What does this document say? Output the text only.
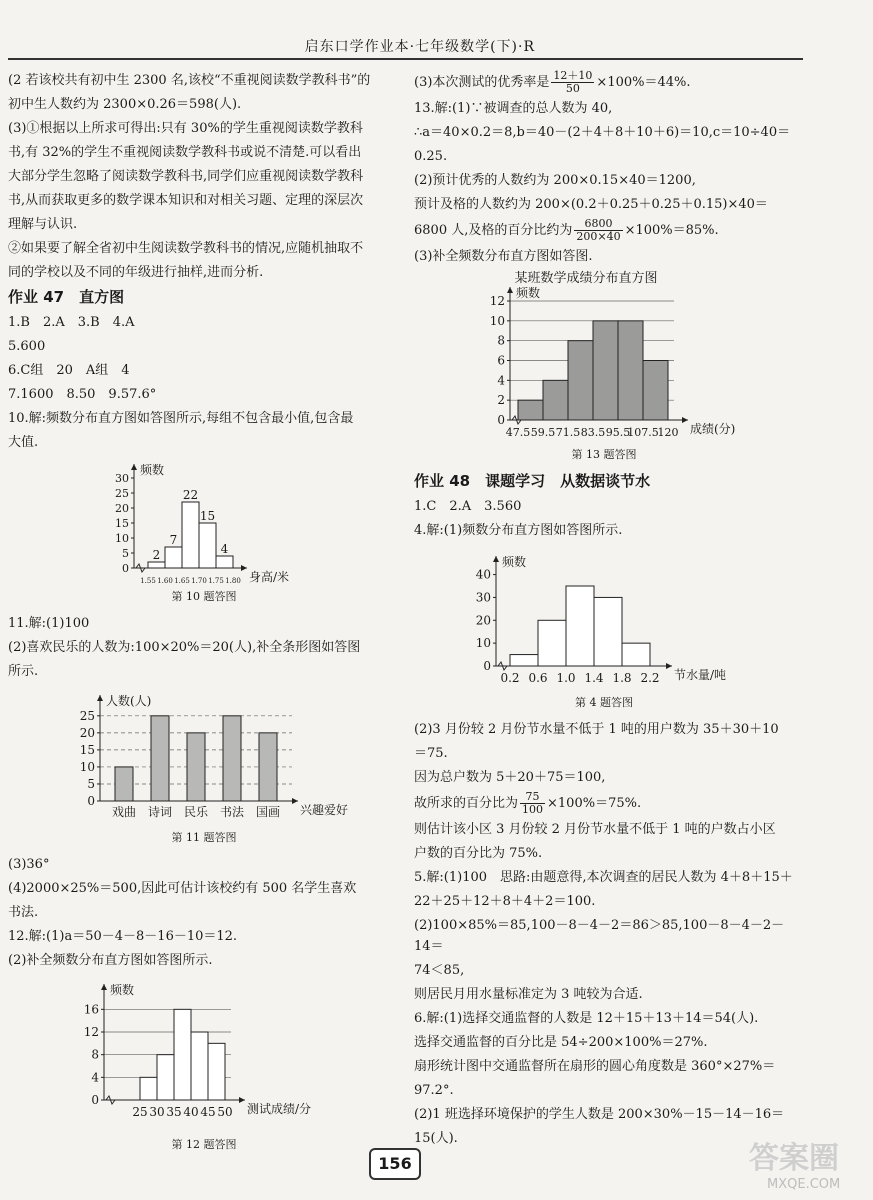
启东口学作业本·七年级数学(下)·R

(2 若该校共有初中生 2300 名,该校“不重视阅读数学教科书”的

初中生人数约为 2300×0.26＝598(人).

(3)①根据以上所求可得出:只有 30%的学生重视阅读数学教科

书,有 32%的学生不重视阅读数学教科书或说不清楚.可以看出

大部分学生忽略了阅读数学教科书,同学们应重视阅读数学教科

书,从而获取更多的数学课本知识和对相关习题、定理的深层次

理解与认识.

②如果要了解全省初中生阅读数学教科书的情况,应随机抽取不

同的学校以及不同的年级进行抽样,进而分析.

作业 47　直方图

1.B　2.A　3.B　4.A

5.600

6.C组　20　A组　4

7.1600　8.50　9.57.6°

10.解:频数分布直方图如答图所示,每组不包含最小值,包含最

大值.

2
7
22
15
4
0
5
10
15
20
25
30
1.55 1.60 1.65 1.70 1.75 1.80
频数
身高/米

第 10 题答图

11.解:(1)100

(2)喜欢民乐的人数为:100×20%＝20(人),补全条形图如答图

所示.

0
5
10
15
20
25
戏曲 诗词 民乐 书法 国画
人数(人)
兴趣爱好

第 11 题答图

(3)36°

(4)2000×25%＝500,因此可估计该校约有 500 名学生喜欢

书法.

12.解:(1)a＝50－4－8－16－10＝12.

(2)补全频数分布直方图如答图所示.

0
4
8
12
16
25 30 35 40 45 50
频数
测试成绩/分

第 12 题答图

(3)本次测试的优秀率是 $\frac{12+10}{50} \times 100\%=44\%$.

13.解:(1)∵被调查的总人数为 40,

∴a＝40×0.2＝8,b＝40－(2＋4＋8＋10＋6)＝10,c＝10÷40＝

0.25.

(2)预计优秀的人数约为 200×0.15×40＝1200,

预计及格的人数约为 200×(0.2＋0.25＋0.25＋0.15)×40＝

6800 人,及格的百分比约为 $\frac{6800}{200\times 40} \times 100\%=85\%$.

(3)补全频数分布直方图如答图.

0
2
4
6
8
10
12
47.5 59.5 71.5 83.5 95.5
107.5
120
频数
成绩(分)
某班数学成绩分布直方图

第 13 题答图

作业 48　课题学习　从数据谈节水

1.C　2.A　3.560

4.解:(1)频数分布直方图如答图所示.

0
10
20
30
40
0.2 0.6 1.0 1.4 1.8 2.2
频数
节水量/吨

第 4 题答图

(2)3 月份较 2 月份节水量不低于 1 吨的用户数为 35＋30＋10

＝75.

因为总户数为 5＋20＋75＝100,

故所求的百分比为 $\frac{75}{100} \times 100\%=75\%$.

则估计该小区 3 月份较 2 月份节水量不低于 1 吨的户数占小区

户数的百分比为 75%.

5.解:(1)100　思路:由题意得,本次调查的居民人数为 4＋8＋15＋

22＋25＋12＋8＋4＋2＝100.

(2)100×85%＝85,100－8－4－2＝86＞85,100－8－4－2－14＝

74＜85,

则居民月用水量标准定为 3 吨较为合适.

6.解:(1)选择交通监督的人数是 12＋15＋13＋14＝54(人).

选择交通监督的百分比是 54÷200×100%＝27%.

扇形统计图中交通监督所在扇形的圆心角度数是 360°×27%＝

97.2°.

(2)1 班选择环境保护的学生人数是 200×30%－15－14－16＝

15(人).

156	答案圈
MXQE.COM
